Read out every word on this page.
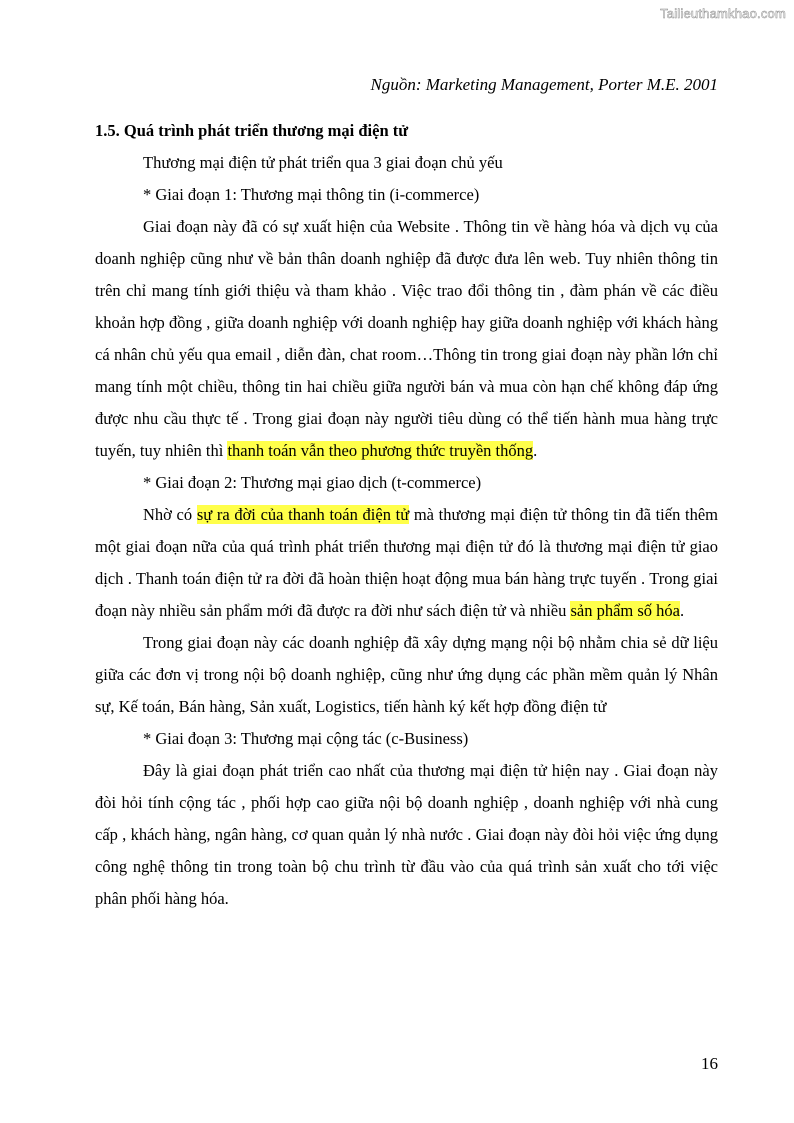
Tailieuthamkhao.com
Nguồn: Marketing Management, Porter M.E. 2001

1.5. Quá trình phát triển thương mại điện tử

Thương mại điện tử phát triển qua 3 giai đoạn chủ yếu

* Giai đoạn 1: Thương mại thông tin (i-commerce)

Giai đoạn này đã có sự xuất hiện của Website . Thông tin về hàng hóa và dịch vụ của doanh nghiệp cũng như về bản thân doanh nghiệp đã được đưa lên web. Tuy nhiên thông tin trên chỉ mang tính giới thiệu và tham khảo . Việc trao đổi thông tin , đàm phán về các điều khoản hợp đồng , giữa doanh nghiệp với doanh nghiệp hay giữa doanh nghiệp với khách hàng cá nhân chủ yếu qua email , diễn đàn, chat room…Thông tin trong giai đoạn này phần lớn chỉ mang tính một chiều, thông tin hai chiều giữa người bán và mua còn hạn chế không đáp ứng được nhu cầu thực tế . Trong giai đoạn này người tiêu dùng có thể tiến hành mua hàng trực tuyến, tuy nhiên thì thanh toán vẫn theo phương thức truyền thống.

* Giai đoạn 2: Thương mại giao dịch (t-commerce)

Nhờ có sự ra đời của thanh toán điện tử mà thương mại điện tử thông tin đã tiến thêm một giai đoạn nữa của quá trình phát triển thương mại điện tử đó là thương mại điện tử giao dịch . Thanh toán điện tử ra đời đã hoàn thiện hoạt động mua bán hàng trực tuyến . Trong giai đoạn này nhiều sản phẩm mới đã được ra đời như sách điện tử và nhiều sản phẩm số hóa.

Trong giai đoạn này các doanh nghiệp đã xây dựng mạng nội bộ nhằm chia sẻ dữ liệu giữa các đơn vị trong nội bộ doanh nghiệp, cũng như ứng dụng các phần mềm quản lý Nhân sự, Kế toán, Bán hàng, Sản xuất, Logistics, tiến hành ký kết hợp đồng điện tử

* Giai đoạn 3: Thương mại cộng tác (c-Business)

Đây là giai đoạn phát triển cao nhất của thương mại điện tử hiện nay . Giai đoạn này đòi hỏi tính cộng tác , phối hợp cao giữa nội bộ doanh nghiệp , doanh nghiệp với nhà cung cấp , khách hàng, ngân hàng, cơ quan quản lý nhà nước . Giai đoạn này đòi hỏi việc ứng dụng công nghệ thông tin trong toàn bộ chu trình từ đầu vào của quá trình sản xuất cho tới việc phân phối hàng hóa.

16
